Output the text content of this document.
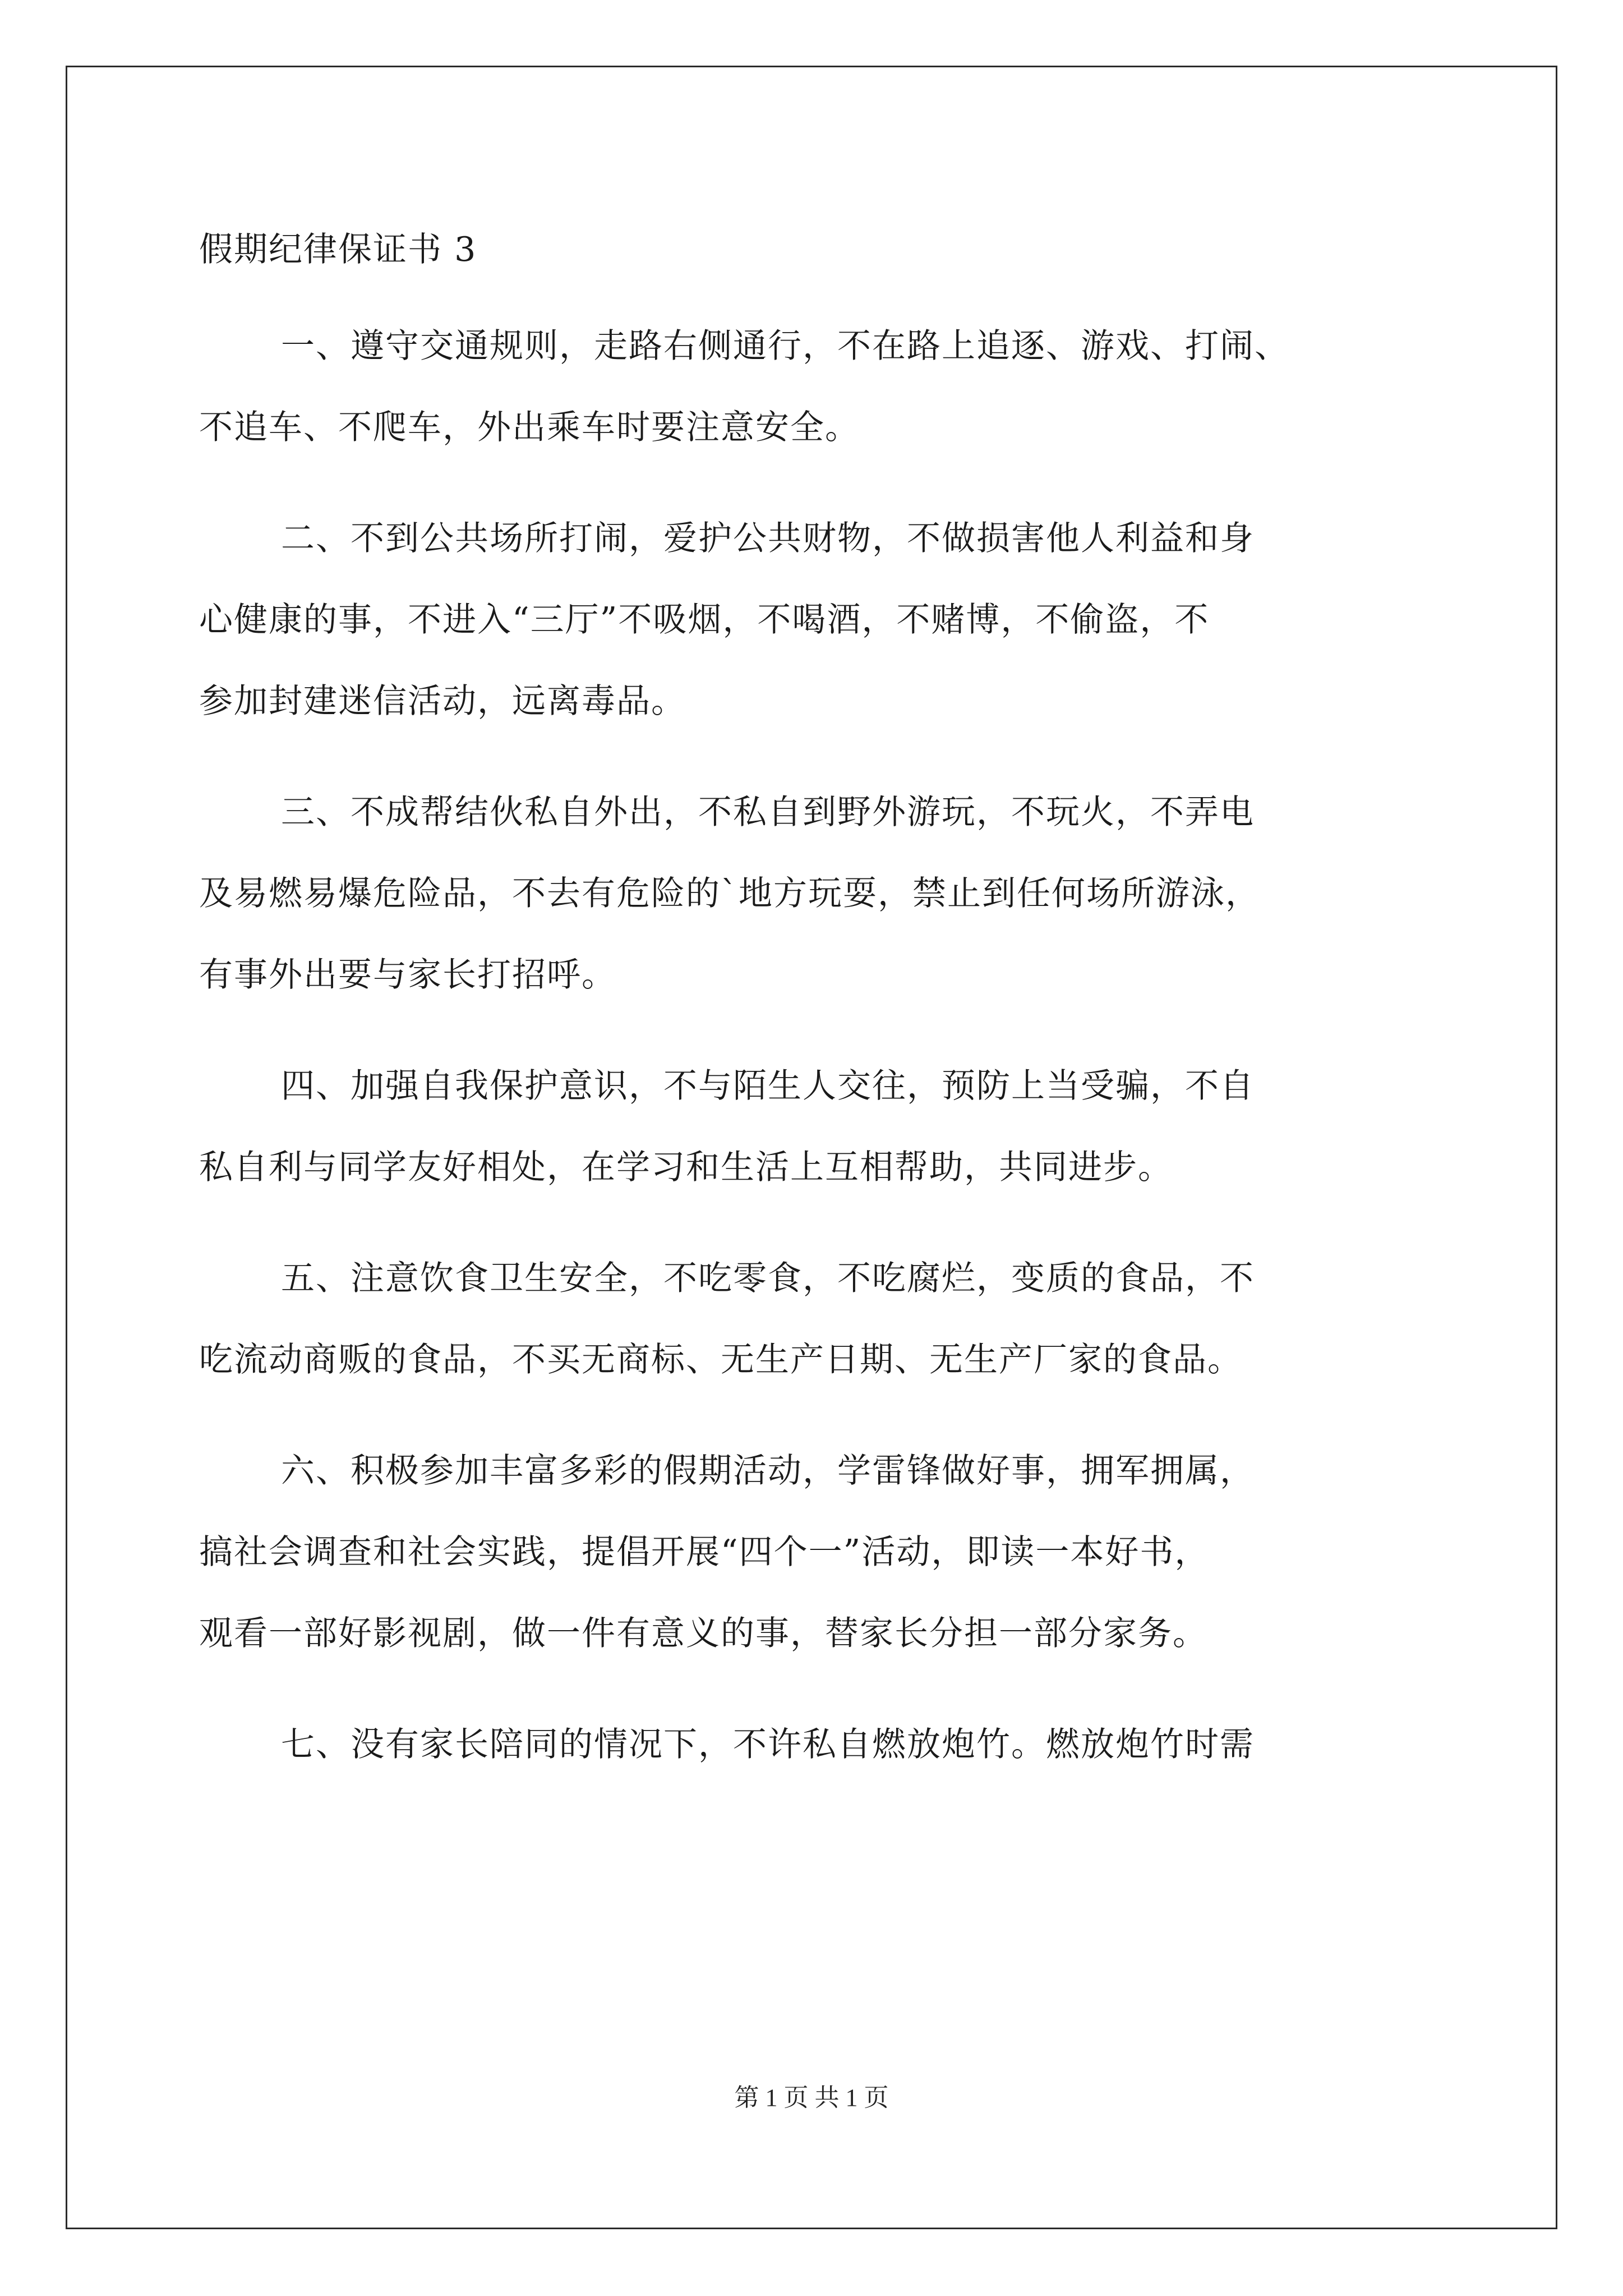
假期纪律保证书 3
一、遵守交通规则，走路右侧通行，不在路上追逐、游戏、打闹、
不追车、不爬车，外出乘车时要注意安全。
二、不到公共场所打闹，爱护公共财物，不做损害他人利益和身
心健康的事，不进入“三厅”不吸烟，不喝酒，不赌博，不偷盗，不
参加封建迷信活动，远离毒品。
三、不成帮结伙私自外出，不私自到野外游玩，不玩火，不弄电
及易燃易爆危险品，不去有危险的`地方玩耍，禁止到任何场所游泳，
有事外出要与家长打招呼。
四、加强自我保护意识，不与陌生人交往，预防上当受骗，不自
私自利与同学友好相处，在学习和生活上互相帮助，共同进步。
五、注意饮食卫生安全，不吃零食，不吃腐烂，变质的食品，不
吃流动商贩的食品，不买无商标、无生产日期、无生产厂家的食品。
六、积极参加丰富多彩的假期活动，学雷锋做好事，拥军拥属，
搞社会调查和社会实践，提倡开展“四个一”活动，即读一本好书，
观看一部好影视剧，做一件有意义的事，替家长分担一部分家务。
七、没有家长陪同的情况下，不许私自燃放炮竹。燃放炮竹时需
第 1 页 共 1 页
